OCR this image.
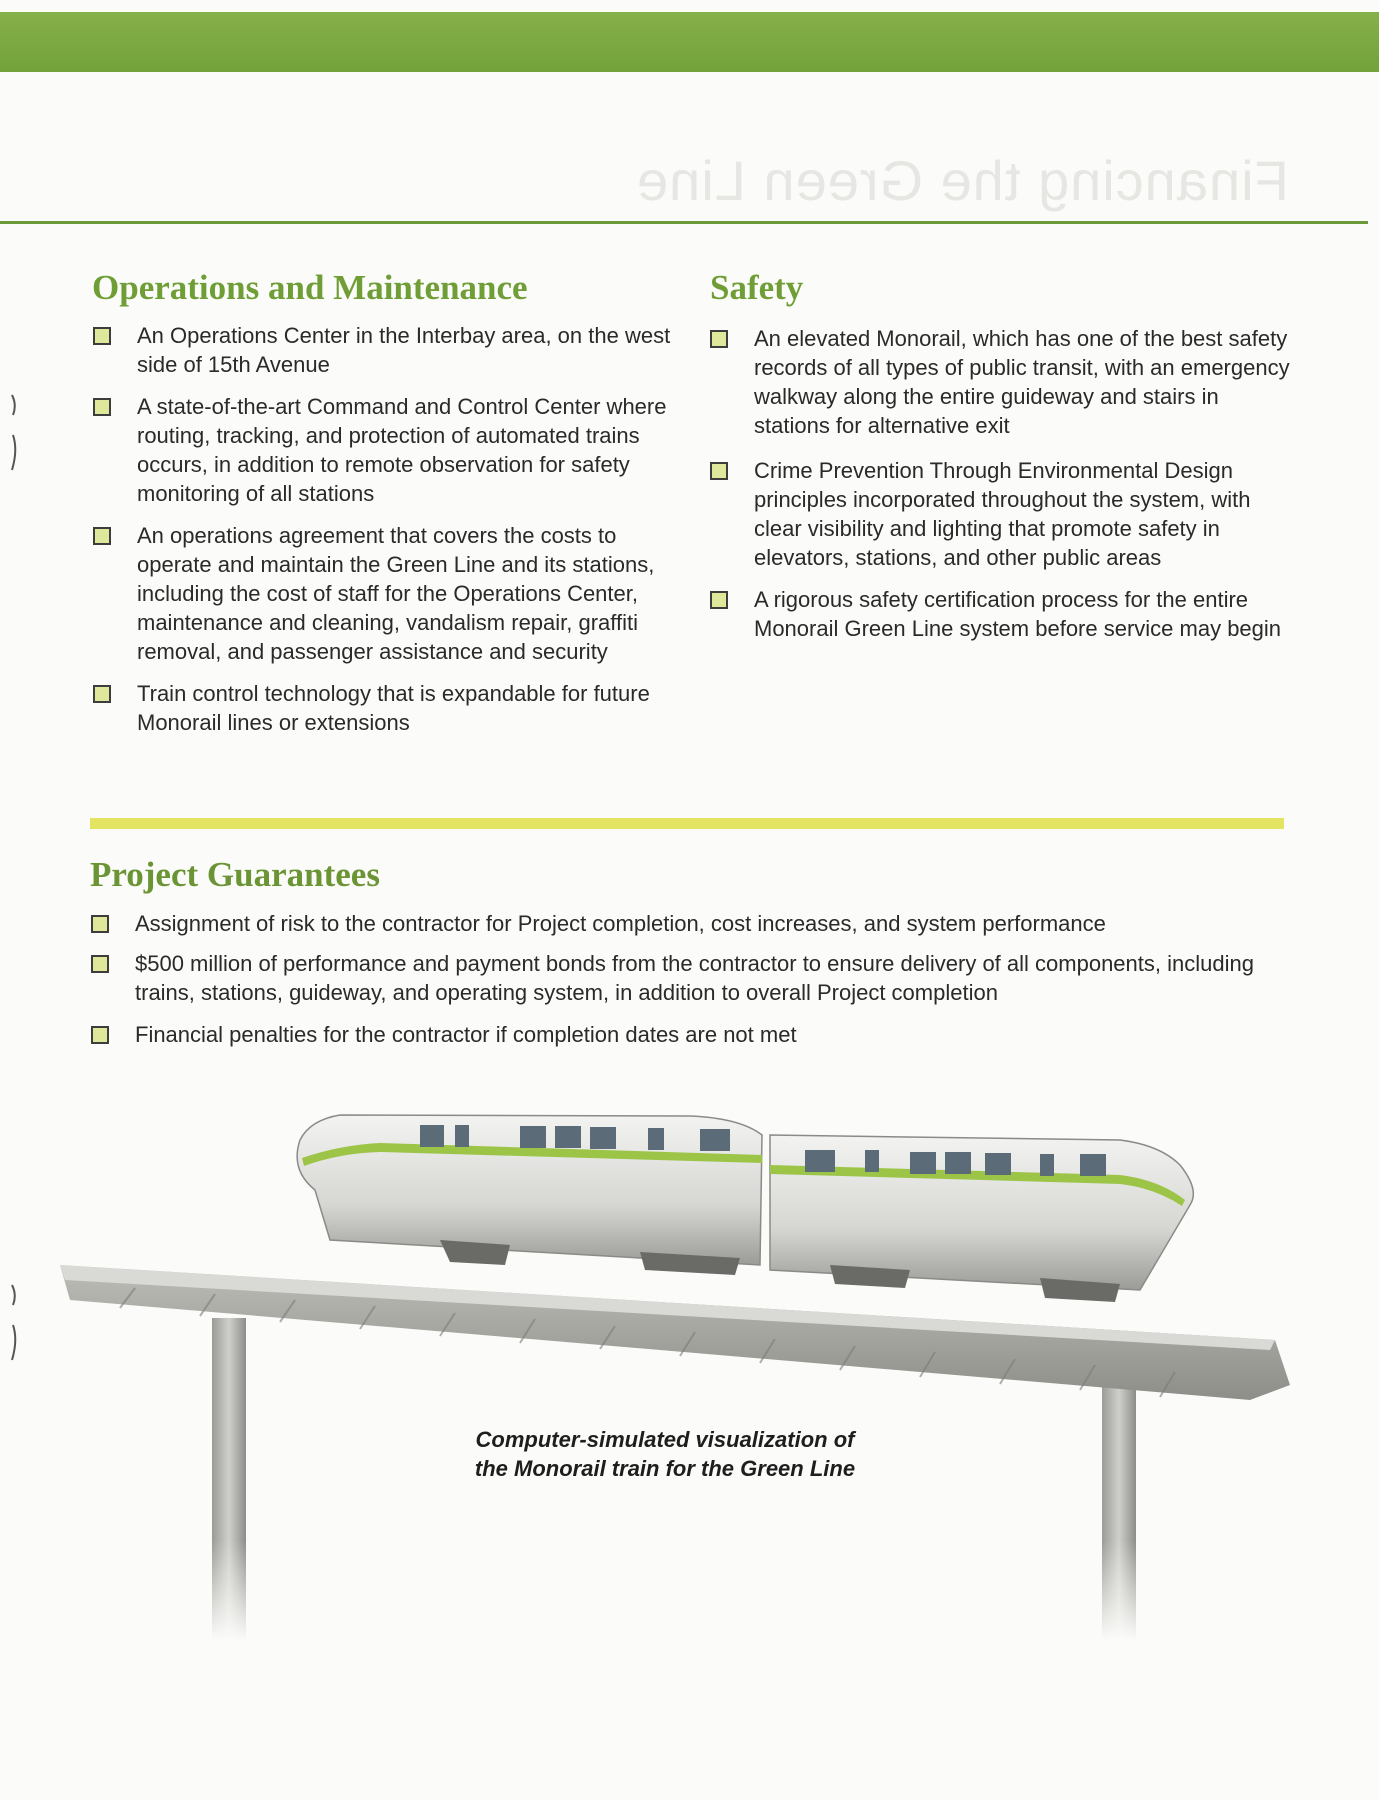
Financing the Green Line
Operations and Maintenance
An Operations Center in the Interbay area, on the west side of 15th Avenue
A state-of-the-art Command and Control Center where routing, tracking, and protection of automated trains occurs, in addition to remote observation for safety monitoring of all stations
An operations agreement that covers the costs to operate and maintain the Green Line and its stations, including the cost of staff for the Operations Center, maintenance and cleaning, vandalism repair, graffiti removal, and passenger assistance and security
Train control technology that is expandable for future Monorail lines or extensions
Safety
An elevated Monorail, which has one of the best safety records of all types of public transit, with an emergency walkway along the entire guideway and stairs in stations for alternative exit
Crime Prevention Through Environmental Design principles incorporated throughout the system, with clear visibility and lighting that promote safety in elevators, stations, and other public areas
A rigorous safety certification process for the entire Monorail Green Line system before service may begin
Project Guarantees
Assignment of risk to the contractor for Project completion, cost increases, and system performance
$500 million of performance and payment bonds from the contractor to ensure delivery of all components, including trains, stations, guideway, and operating system, in addition to overall Project completion
Financial penalties for the contractor if completion dates are not met
Computer-simulated visualization of
the Monorail train for the Green Line
